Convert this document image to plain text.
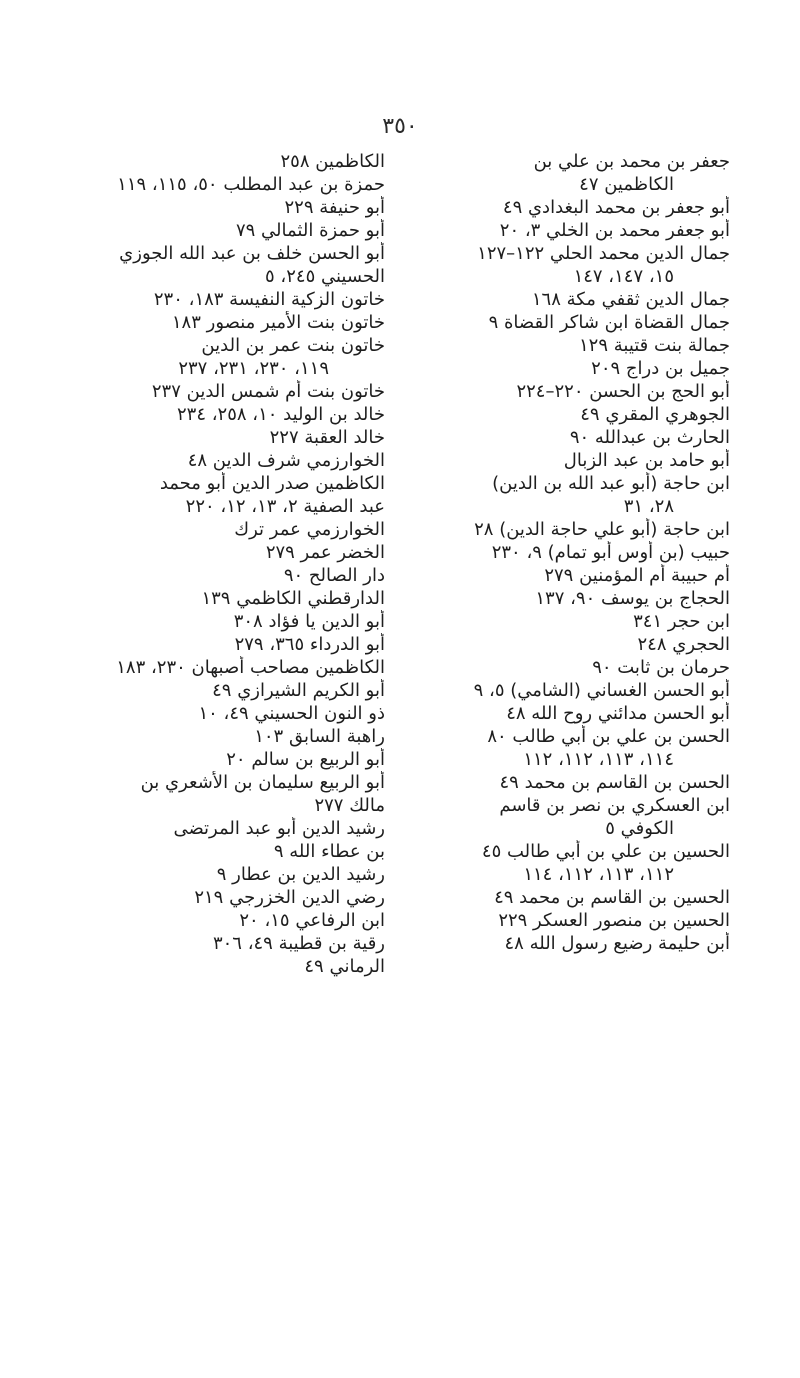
٣٥٠
الكاظمين ٢٥٨
حمزة بن عبد المطلب ٥٠، ١١٥، ١١٩
أبو حنيفة ٢٢٩
أبو حمزة الثمالي ٧٩
أبو الحسن خلف بن عبد الله الجوزي
الحسيني ٢٤٥، ٥
خاتون الزكية النفيسة ١٨٣، ٢٣٠
خاتون بنت الأمير منصور ١٨٣
خاتون بنت عمر بن الدين
١١٩، ٢٣٠، ٢٣١، ٢٣٧
خاتون بنت أم شمس الدين ٢٣٧
خالد بن الوليد ١٠، ٢٥٨، ٢٣٤
خالد العقبة ٢٢٧
الخوارزمي شرف الدين ٤٨
الكاظمين صدر الدين أبو محمد
عبد الصفية ٢، ١٣، ١٢، ٢٢٠
الخوارزمي عمر ترك
الخضر عمر ٢٧٩
دار الصالح ٩٠
الدارقطني الكاظمي ١٣٩
أبو الدين يا فؤاد ٣٠٨
أبو الدرداء ٣٦٥، ٢٧٩
الكاظمين مصاحب أصبهان ٢٣٠، ١٨٣
أبو الكريم الشيرازي ٤٩
ذو النون الحسيني ٤٩، ١٠
راهبة السابق ١٠٣
أبو الربيع بن سالم ٢٠
أبو الربيع سليمان بن الأشعري بن
مالك ٢٧٧
رشيد الدين أبو عبد المرتضى
بن عطاء الله ٩
رشيد الدين بن عطار ٩
رضي الدين الخزرجي ٢١٩
ابن الرفاعي ١٥، ٢٠
رقية بن قطيبة ٤٩، ٣٠٦
الرماني ٤٩
جعفر بن محمد بن علي بن
الكاظمين ٤٧
أبو جعفر بن محمد البغدادي ٤٩
أبو جعفر محمد بن الخلي ٣، ٢٠
جمال الدين محمد الحلي ١٢٢–١٢٧
١٥، ١٤٧، ١٤٧
جمال الدين ثقفي مكة ١٦٨
جمال القضاة ابن شاكر القضاة ٩
جمالة بنت قتيبة ١٢٩
جميل بن دراج ٢٠٩
أبو الحج بن الحسن ٢٢٠–٢٢٤
الجوهري المقري ٤٩
الحارث بن عبدالله ٩٠
أبو حامد بن عبد الزبال
ابن حاجة (أبو عبد الله بن الدين)
٢٨، ٣١
ابن حاجة (أبو علي حاجة الدين) ٢٨
حبيب (بن أوس أبو تمام) ٩، ٢٣٠
أم حبيبة أم المؤمنين ٢٧٩
الحجاج بن يوسف ٩٠، ١٣٧
ابن حجر ٣٤١
الحجري ٢٤٨
حرمان بن ثابت ٩٠
أبو الحسن الغساني (الشامي) ٥، ٩
أبو الحسن مدائني روح الله ٤٨
الحسن بن علي بن أبي طالب ٨٠
١١٤، ١١٣، ١١٢، ١١٢
الحسن بن القاسم بن محمد ٤٩
ابن العسكري بن نصر بن قاسم
الكوفي ٥
الحسين بن علي بن أبي طالب ٤٥
١١٢، ١١٣، ١١٢، ١١٤
الحسين بن القاسم بن محمد ٤٩
الحسين بن منصور العسكر ٢٢٩
أبن حليمة رضيع رسول الله ٤٨
